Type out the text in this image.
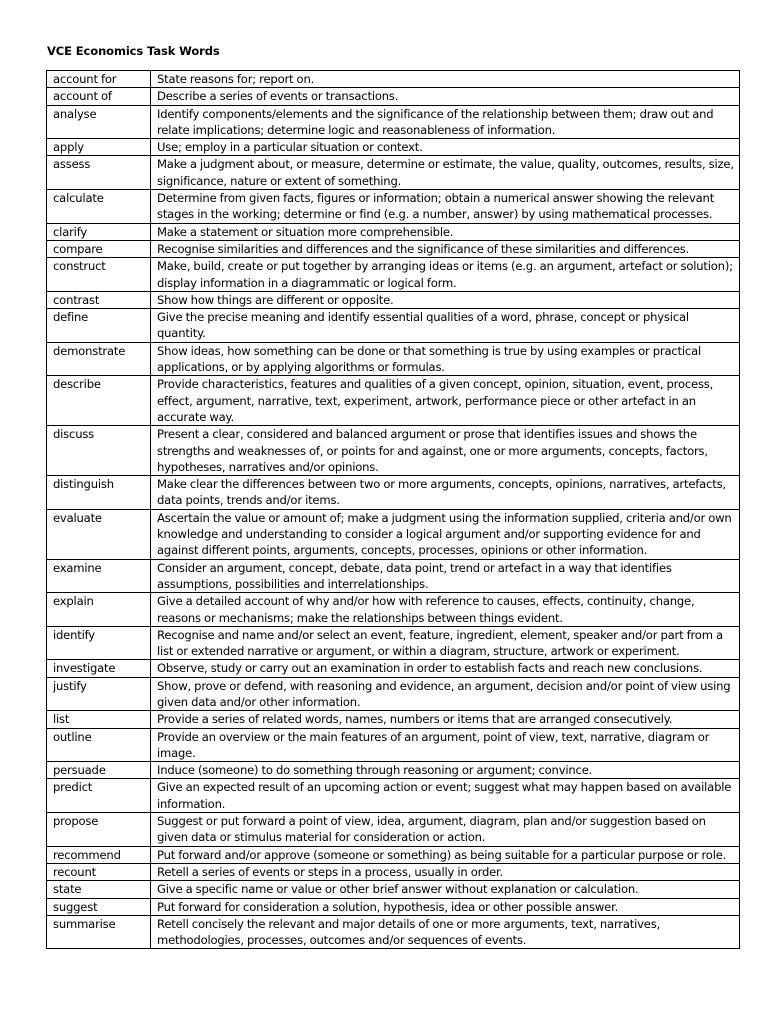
VCE Economics Task Words
account for	State reasons for; report on.
account of	Describe a series of events or transactions.
analyse	Identify components/elements and the significance of the relationship between them; draw out and relate implications; determine logic and reasonableness of information.
apply	Use; employ in a particular situation or context.
assess	Make a judgment about, or measure, determine or estimate, the value, quality, outcomes, results, size, significance, nature or extent of something.
calculate	Determine from given facts, figures or information; obtain a numerical answer showing the relevant stages in the working; determine or find (e.g. a number, answer) by using mathematical processes.
clarify	Make a statement or situation more comprehensible.
compare	Recognise similarities and differences and the significance of these similarities and differences.
construct	Make, build, create or put together by arranging ideas or items (e.g. an argument, artefact or solution); display information in a diagrammatic or logical form.
contrast	Show how things are different or opposite.
define	Give the precise meaning and identify essential qualities of a word, phrase, concept or physical quantity.
demonstrate	Show ideas, how something can be done or that something is true by using examples or practical applications, or by applying algorithms or formulas.
describe	Provide characteristics, features and qualities of a given concept, opinion, situation, event, process, effect, argument, narrative, text, experiment, artwork, performance piece or other artefact in an accurate way.
discuss	Present a clear, considered and balanced argument or prose that identifies issues and shows the strengths and weaknesses of, or points for and against, one or more arguments, concepts, factors, hypotheses, narratives and/or opinions.
distinguish	Make clear the differences between two or more arguments, concepts, opinions, narratives, artefacts, data points, trends and/or items.
evaluate	Ascertain the value or amount of; make a judgment using the information supplied, criteria and/or own knowledge and understanding to consider a logical argument and/or supporting evidence for and against different points, arguments, concepts, processes, opinions or other information.
examine	Consider an argument, concept, debate, data point, trend or artefact in a way that identifies assumptions, possibilities and interrelationships.
explain	Give a detailed account of why and/or how with reference to causes, effects, continuity, change, reasons or mechanisms; make the relationships between things evident.
identify	Recognise and name and/or select an event, feature, ingredient, element, speaker and/or part from a list or extended narrative or argument, or within a diagram, structure, artwork or experiment.
investigate	Observe, study or carry out an examination in order to establish facts and reach new conclusions.
justify	Show, prove or defend, with reasoning and evidence, an argument, decision and/or point of view using given data and/or other information.
list	Provide a series of related words, names, numbers or items that are arranged consecutively.
outline	Provide an overview or the main features of an argument, point of view, text, narrative, diagram or image.
persuade	Induce (someone) to do something through reasoning or argument; convince.
predict	Give an expected result of an upcoming action or event; suggest what may happen based on available information.
propose	Suggest or put forward a point of view, idea, argument, diagram, plan and/or suggestion based on given data or stimulus material for consideration or action.
recommend	Put forward and/or approve (someone or something) as being suitable for a particular purpose or role.
recount	Retell a series of events or steps in a process, usually in order.
state	Give a specific name or value or other brief answer without explanation or calculation.
suggest	Put forward for consideration a solution, hypothesis, idea or other possible answer.
summarise	Retell concisely the relevant and major details of one or more arguments, text, narratives, methodologies, processes, outcomes and/or sequences of events.
